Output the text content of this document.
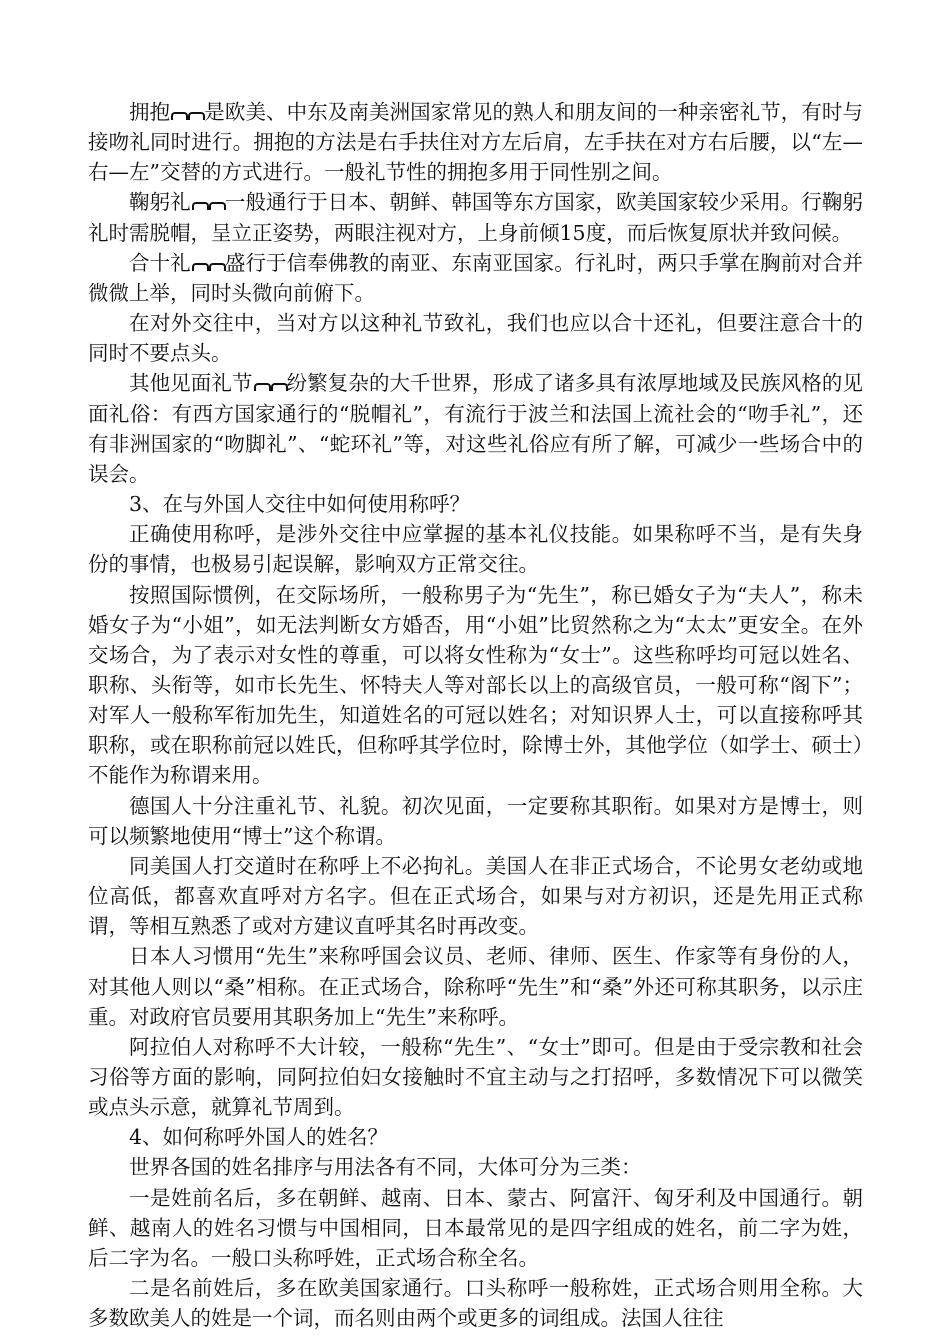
拥抱 是欧美、中东及南美洲国家常见的熟人和朋友间的一种亲密礼节，有时与接吻礼同时进行。拥抱的方法是右手扶住对方左后肩，左手扶在对方右后腰，以“左—右—左”交替的方式进行。一般礼节性的拥抱多用于同性别之间。

鞠躬礼 一般通行于日本、朝鲜、韩国等东方国家，欧美国家较少采用。行鞠躬礼时需脱帽，呈立正姿势，两眼注视对方，上身前倾15度，而后恢复原状并致问候。

合十礼 盛行于信奉佛教的南亚、东南亚国家。行礼时，两只手掌在胸前对合并微微上举，同时头微向前俯下。

在对外交往中，当对方以这种礼节致礼，我们也应以合十还礼，但要注意合十的同时不要点头。

其他见面礼节 纷繁复杂的大千世界，形成了诸多具有浓厚地域及民族风格的见面礼俗：有西方国家通行的“脱帽礼”，有流行于波兰和法国上流社会的“吻手礼”，还有非洲国家的“吻脚礼”、“蛇环礼”等，对这些礼俗应有所了解，可减少一些场合中的误会。

3、在与外国人交往中如何使用称呼？

正确使用称呼，是涉外交往中应掌握的基本礼仪技能。如果称呼不当，是有失身份的事情，也极易引起误解，影响双方正常交往。

按照国际惯例，在交际场所，一般称男子为“先生”，称已婚女子为“夫人”，称未婚女子为“小姐”，如无法判断女方婚否，用“小姐”比贸然称之为“太太”更安全。在外交场合，为了表示对女性的尊重，可以将女性称为“女士”。这些称呼均可冠以姓名、职称、头衔等，如市长先生、怀特夫人等对部长以上的高级官员，一般可称“阁下”；对军人一般称军衔加先生，知道姓名的可冠以姓名；对知识界人士，可以直接称呼其职称，或在职称前冠以姓氏，但称呼其学位时，除博士外，其他学位（如学士、硕士）不能作为称谓来用。

德国人十分注重礼节、礼貌。初次见面，一定要称其职衔。如果对方是博士，则可以频繁地使用“博士”这个称谓。

同美国人打交道时在称呼上不必拘礼。美国人在非正式场合，不论男女老幼或地位高低，都喜欢直呼对方名字。但在正式场合，如果与对方初识，还是先用正式称谓，等相互熟悉了或对方建议直呼其名时再改变。

日本人习惯用“先生”来称呼国会议员、老师、律师、医生、作家等有身份的人，对其他人则以“桑”相称。在正式场合，除称呼“先生”和“桑”外还可称其职务，以示庄重。对政府官员要用其职务加上“先生”来称呼。

阿拉伯人对称呼不大计较，一般称“先生”、“女士”即可。但是由于受宗教和社会习俗等方面的影响，同阿拉伯妇女接触时不宜主动与之打招呼，多数情况下可以微笑或点头示意，就算礼节周到。

4、如何称呼外国人的姓名？

世界各国的姓名排序与用法各有不同，大体可分为三类：

一是姓前名后，多在朝鲜、越南、日本、蒙古、阿富汗、匈牙利及中国通行。朝鲜、越南人的姓名习惯与中国相同，日本最常见的是四字组成的姓名，前二字为姓，后二字为名。一般口头称呼姓，正式场合称全名。

二是名前姓后，多在欧美国家通行。口头称呼一般称姓，正式场合则用全称。大多数欧美人的姓是一个词，而名则由两个或更多的词组成。法国人往往
